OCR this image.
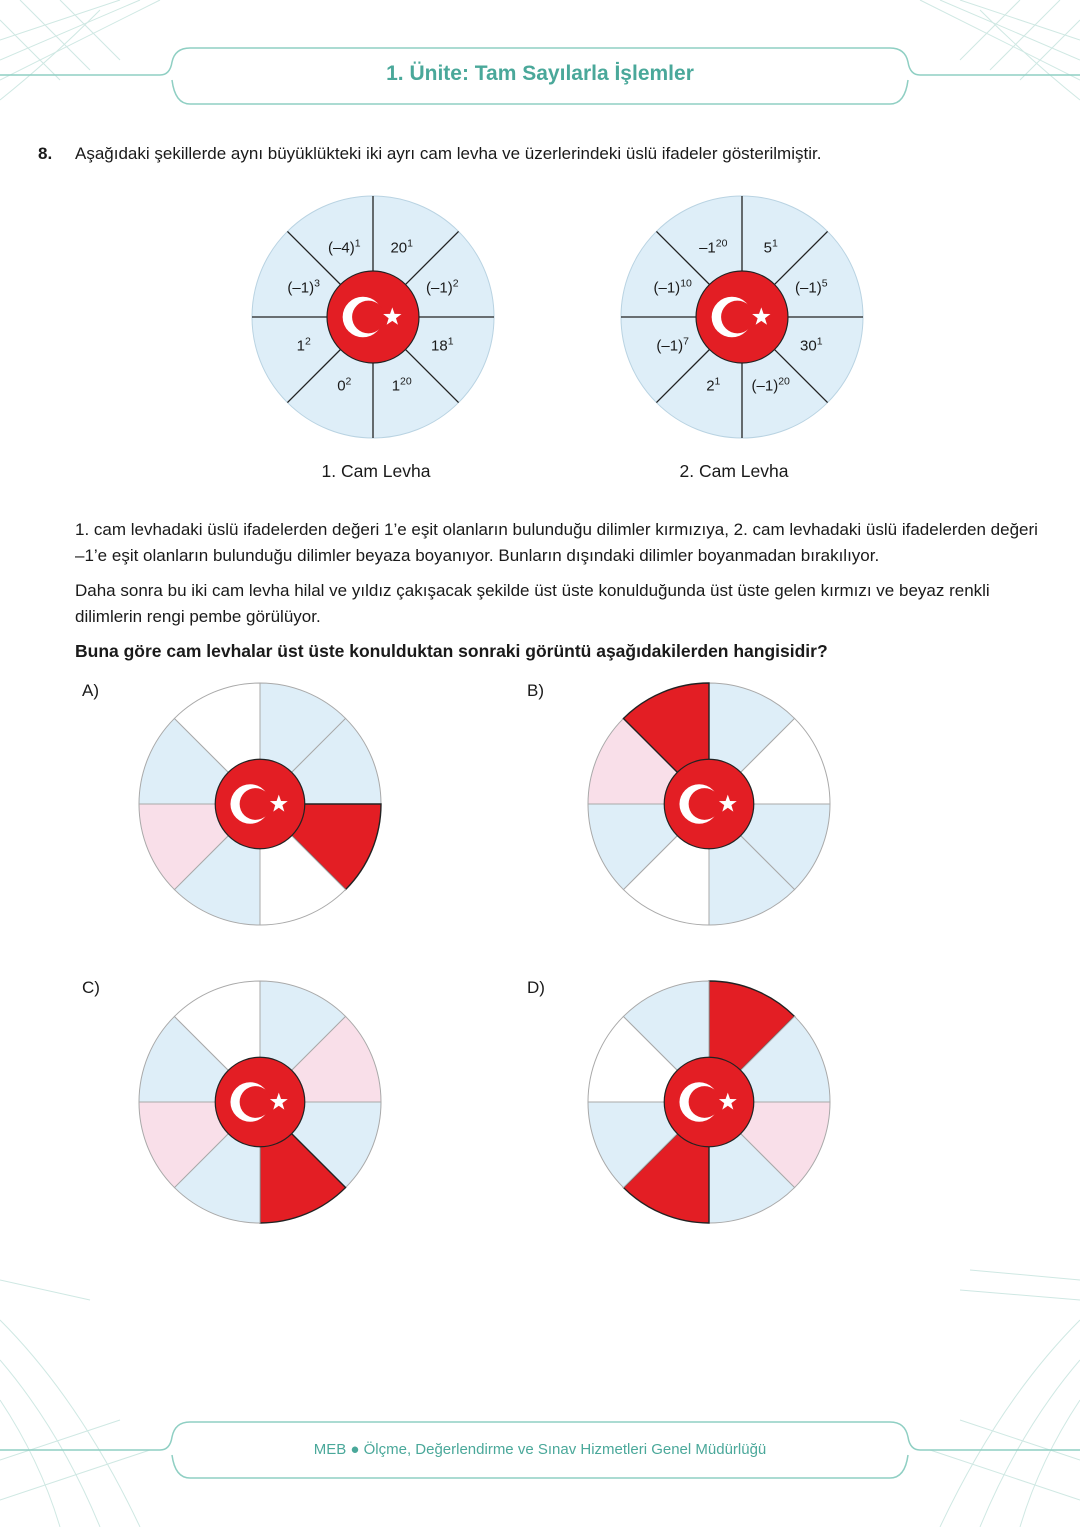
1. Ünite: Tam Sayılarla İşlemler
8. Aşağıdaki şekillerde aynı büyüklükteki iki ayrı cam levha ve üzerlerindeki üslü ifadeler gösterilmiştir.
1. Cam Levha	2. Cam Levha
1. cam levhadaki üslü ifadelerden değeri 1’e eşit olanların bulunduğu dilimler kırmızıya, 2. cam levhadaki üslü ifadelerden değeri –1’e eşit olanların bulunduğu dilimler beyaza boyanıyor. Bunların dışındaki dilimler boyanmadan bırakılıyor.
Daha sonra bu iki cam levha hilal ve yıldız çakışacak şekilde üst üste konulduğunda üst üste gelen kırmızı ve beyaz renkli dilimlerin rengi pembe görülüyor.
Buna göre cam levhalar üst üste konulduktan sonraki görüntü aşağıdakilerden hangisidir?
A)	B)
C)	D)
MEB ● Ölçme, Değerlendirme ve Sınav Hizmetleri Genel Müdürlüğü
$20^1$
$(-1)^2$
$18^1$
$1^{20}$
$0^2$
$1^2$
$(-1)^3$
$(-4)^1$	$5^1$
$(-1)^5$
$30^1$
$(-1)^{20}$
$2^1$
$(-1)^7$
$(-1)^{10}$
$-1^{20}$
